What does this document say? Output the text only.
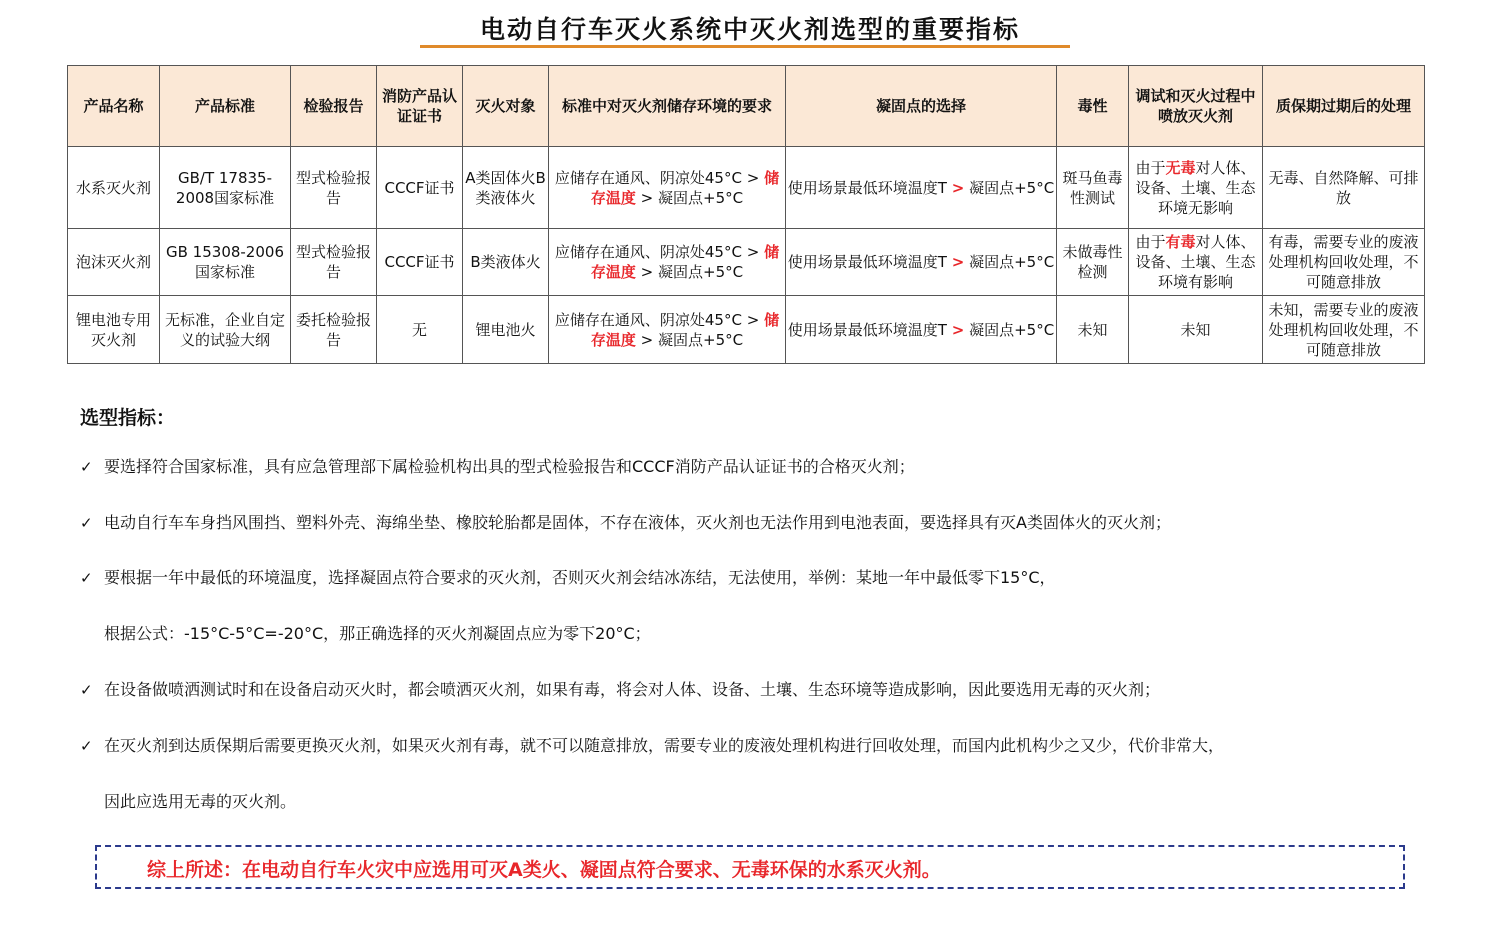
电动自行车灭火系统中灭火剂选型的重要指标
产品名称	产品标准	检验报告	消防产品认证证书	灭火对象	标准中对灭火剂储存环境的要求	凝固点的选择	毒性	调试和灭火过程中喷放灭火剂	质保期过期后的处理
水系灭火剂	GB/T 17835-2008国家标准	型式检验报告	CCCF证书	A类固体火B类液体火	应储存在通风、阴凉处45°C > 储存温度 > 凝固点+5°C	使用场景最低环境温度T > 凝固点+5°C	斑马鱼毒性测试	由于无毒对人体、设备、土壤、生态环境无影响	无毒、自然降解、可排放
泡沫灭火剂	GB 15308-2006国家标准	型式检验报告	CCCF证书	B类液体火	应储存在通风、阴凉处45°C > 储存温度 > 凝固点+5°C	使用场景最低环境温度T > 凝固点+5°C	未做毒性检测	由于有毒对人体、设备、土壤、生态环境有影响	有毒，需要专业的废液处理机构回收处理，不可随意排放
锂电池专用灭火剂	无标准，企业自定义的试验大纲	委托检验报告	无	锂电池火	应储存在通风、阴凉处45°C > 储存温度 > 凝固点+5°C	使用场景最低环境温度T > 凝固点+5°C	未知	未知	未知，需要专业的废液处理机构回收处理，不可随意排放
选型指标：
✓ 要选择符合国家标准，具有应急管理部下属检验机构出具的型式检验报告和CCCF消防产品认证证书的合格灭火剂；
✓ 电动自行车车身挡风围挡、塑料外壳、海绵坐垫、橡胶轮胎都是固体，不存在液体，灭火剂也无法作用到电池表面，要选择具有灭A类固体火的灭火剂；
✓ 要根据一年中最低的环境温度，选择凝固点符合要求的灭火剂，否则灭火剂会结冰冻结，无法使用，举例：某地一年中最低零下15°C，
根据公式：-15°C-5°C=-20°C，那正确选择的灭火剂凝固点应为零下20°C；
✓ 在设备做喷洒测试时和在设备启动灭火时，都会喷洒灭火剂，如果有毒，将会对人体、设备、土壤、生态环境等造成影响，因此要选用无毒的灭火剂；
✓ 在灭火剂到达质保期后需要更换灭火剂，如果灭火剂有毒，就不可以随意排放，需要专业的废液处理机构进行回收处理，而国内此机构少之又少，代价非常大，
因此应选用无毒的灭火剂。
综上所述：在电动自行车火灾中应选用可灭A类火、凝固点符合要求、无毒环保的水系灭火剂。
